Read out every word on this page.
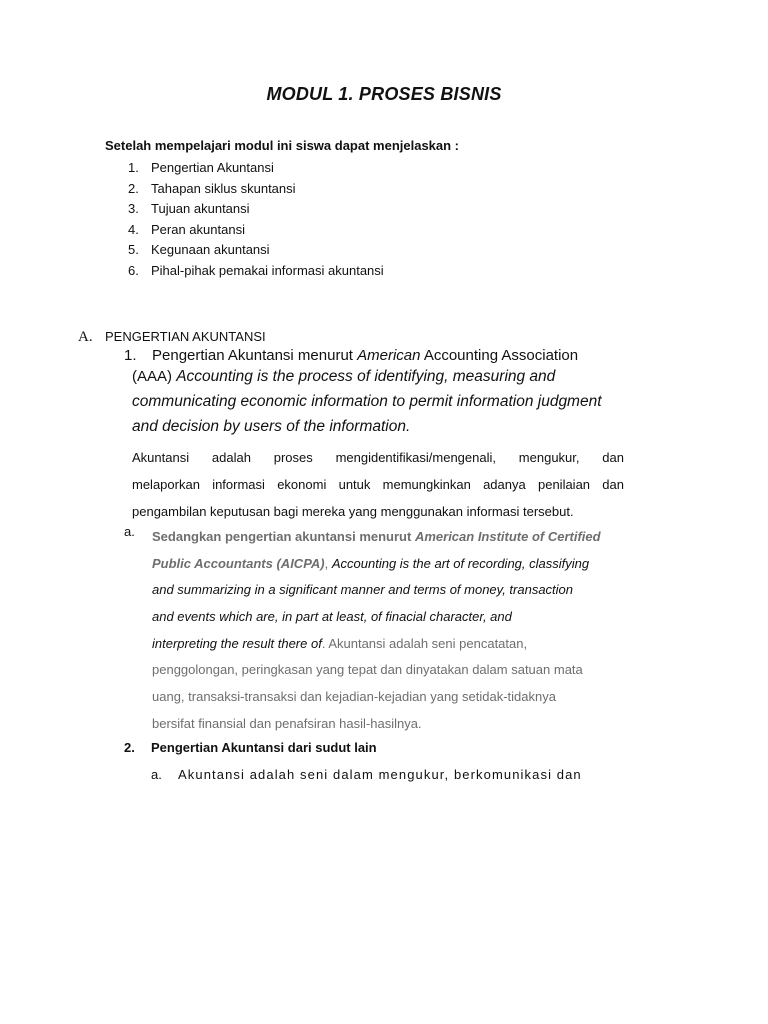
MODUL 1. PROSES BISNIS
Setelah mempelajari modul ini siswa dapat menjelaskan :
1. Pengertian Akuntansi
2. Tahapan siklus skuntansi
3. Tujuan akuntansi
4. Peran akuntansi
5. Kegunaan akuntansi
6. Pihal-pihak pemakai informasi akuntansi
A. PENGERTIAN AKUNTANSI
1. Pengertian Akuntansi menurut American Accounting Association
(AAA) Accounting is the process of identifying, measuring and
communicating economic information to permit information judgment
and decision by users of the information.
Akuntansi adalah proses mengidentifikasi/mengenali, mengukur, dan
melaporkan informasi ekonomi untuk memungkinkan adanya penilaian dan
pengambilan keputusan bagi mereka yang menggunakan informasi tersebut.
a.	Sedangkan pengertian akuntansi menurut American Institute of Certified
Public Accountants (AICPA), Accounting is the art of recording, classifying
and summarizing in a significant manner and terms of money, transaction
and events which are, in part at least, of finacial character, and
interpreting the result there of. Akuntansi adalah seni pencatatan,
penggolongan, peringkasan yang tepat dan dinyatakan dalam satuan mata
uang, transaksi-transaksi dan kejadian-kejadian yang setidak-tidaknya
bersifat finansial dan penafsiran hasil-hasilnya.
2. Pengertian Akuntansi dari sudut lain
a. Akuntansi adalah seni dalam mengukur, berkomunikasi dan
